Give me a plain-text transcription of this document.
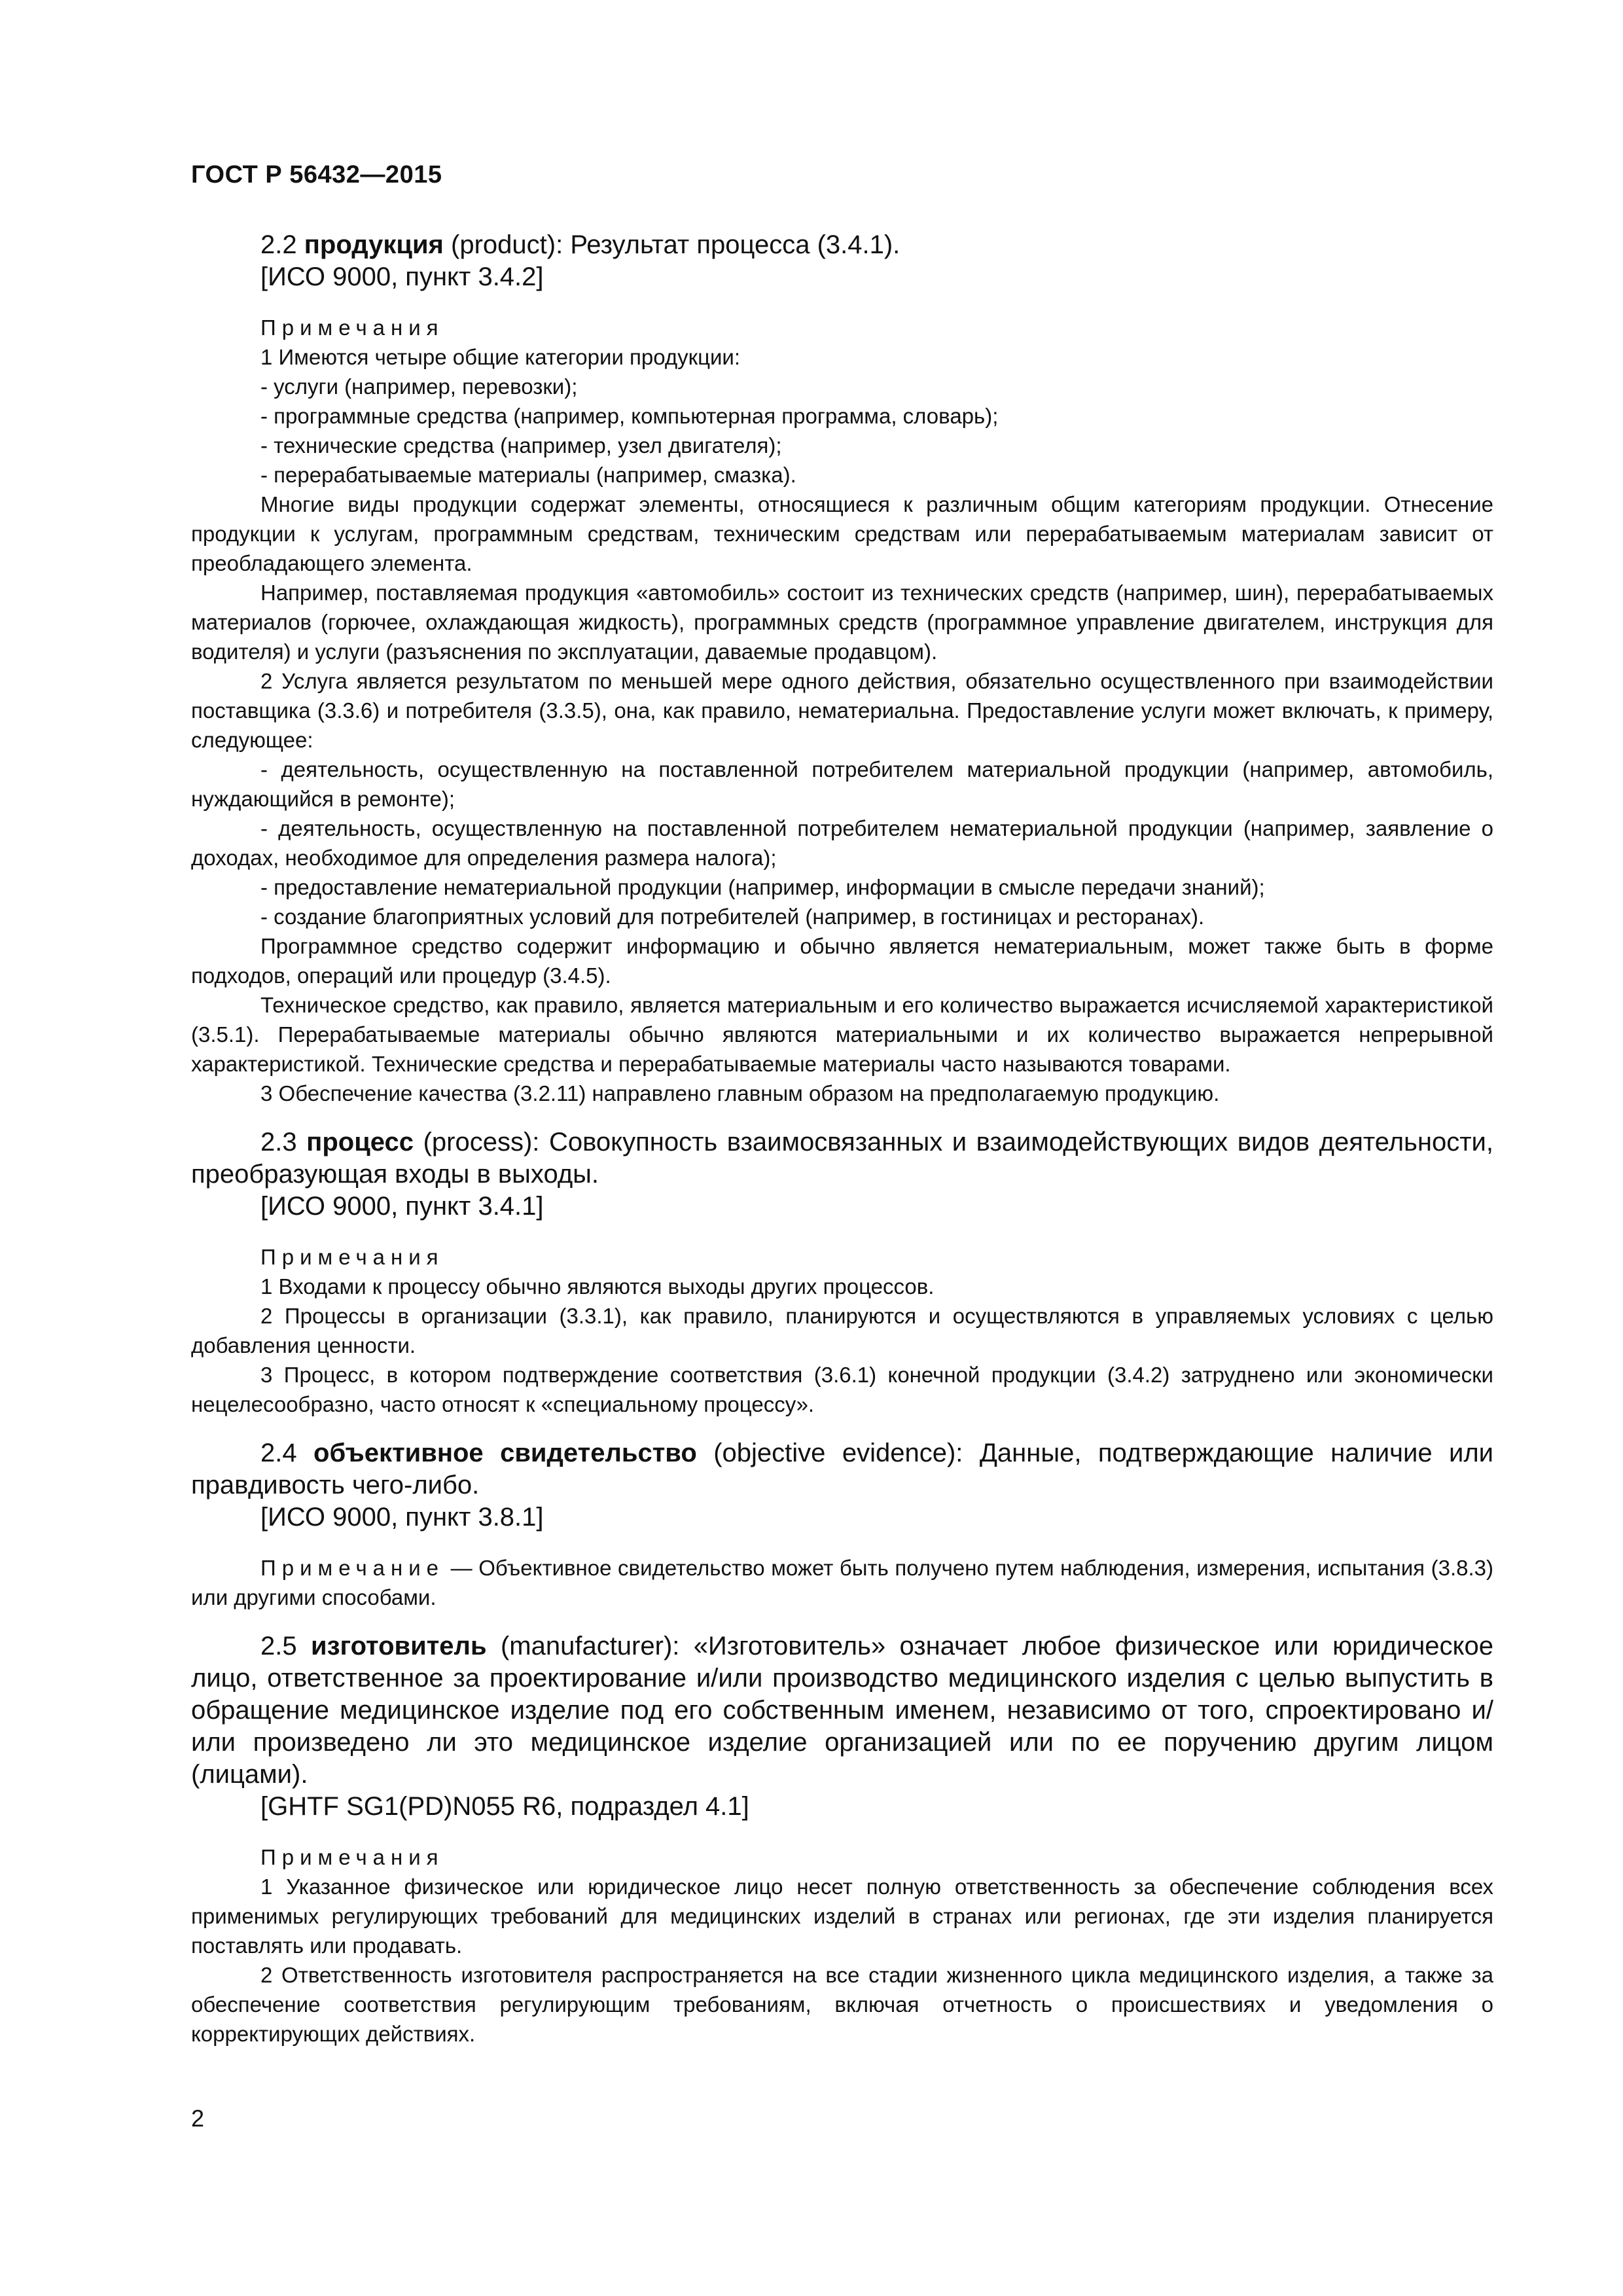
ГОСТ Р 56432—2015

2.2 продукция (product): Результат процесса (3.4.1).

[ИСО 9000, пункт 3.4.2]

Примечания

1 Имеются четыре общие категории продукции:

- услуги (например, перевозки);

- программные средства (например, компьютерная программа, словарь);

- технические средства (например, узел двигателя);

- перерабатываемые материалы (например, смазка).

Многие виды продукции содержат элементы, относящиеся к различным общим категориям продукции. Отнесение продукции к услугам, программным средствам, техническим средствам или перерабатываемым материалам зависит от преобладающего элемента.

Например, поставляемая продукция «автомобиль» состоит из технических средств (например, шин), перерабатываемых материалов (горючее, охлаждающая жидкость), программных средств (программное управление двигателем, инструкция для водителя) и услуги (разъяснения по эксплуатации, даваемые продавцом).

2 Услуга является результатом по меньшей мере одного действия, обязательно осуществленного при взаимодействии поставщика (3.3.6) и потребителя (3.3.5), она, как правило, нематериальна. Предоставление услуги может включать, к примеру, следующее:

- деятельность, осуществленную на поставленной потребителем материальной продукции (например, автомобиль, нуждающийся в ремонте);

- деятельность, осуществленную на поставленной потребителем нематериальной продукции (например, заявление о доходах, необходимое для определения размера налога);

- предоставление нематериальной продукции (например, информации в смысле передачи знаний);

- создание благоприятных условий для потребителей (например, в гостиницах и ресторанах).

Программное средство содержит информацию и обычно является нематериальным, может также быть в форме подходов, операций или процедур (3.4.5).

Техническое средство, как правило, является материальным и его количество выражается исчисляемой характеристикой (3.5.1). Перерабатываемые материалы обычно являются материальными и их количество выражается непрерывной характеристикой. Технические средства и перерабатываемые материалы часто называются товарами.

3 Обеспечение качества (3.2.11) направлено главным образом на предполагаемую продукцию.

2.3 процесс (process): Совокупность взаимосвязанных и взаимодействующих видов деятельности, преобразующая входы в выходы.

[ИСО 9000, пункт 3.4.1]

Примечания

1 Входами к процессу обычно являются выходы других процессов.

2 Процессы в организации (3.3.1), как правило, планируются и осуществляются в управляемых условиях с целью добавления ценности.

3 Процесс, в котором подтверждение соответствия (3.6.1) конечной продукции (3.4.2) затруднено или экономически нецелесообразно, часто относят к «специальному процессу».

2.4 объективное свидетельство (objective evidence): Данные, подтверждающие наличие или правдивость чего-либо.

[ИСО 9000, пункт 3.8.1]

Примечание — Объективное свидетельство может быть получено путем наблюдения, измерения, испытания (3.8.3) или другими способами.

2.5 изготовитель (manufacturer): «Изготовитель» означает любое физическое или юридическое лицо, ответственное за проектирование и/или производство медицинского изделия с целью выпустить в обращение медицинское изделие под его собственным именем, независимо от того, спроектировано и/или произведено ли это медицинское изделие организацией или по ее поручению другим лицом (лицами).

[GHTF SG1(PD)N055 R6, подраздел 4.1]

Примечания

1 Указанное физическое или юридическое лицо несет полную ответственность за обеспечение соблюдения всех применимых регулирующих требований для медицинских изделий в странах или регионах, где эти изделия планируется поставлять или продавать.

2 Ответственность изготовителя распространяется на все стадии жизненного цикла медицинского изделия, а также за обеспечение соответствия регулирующим требованиям, включая отчетность о происшествиях и уведомления о корректирующих действиях.

2
